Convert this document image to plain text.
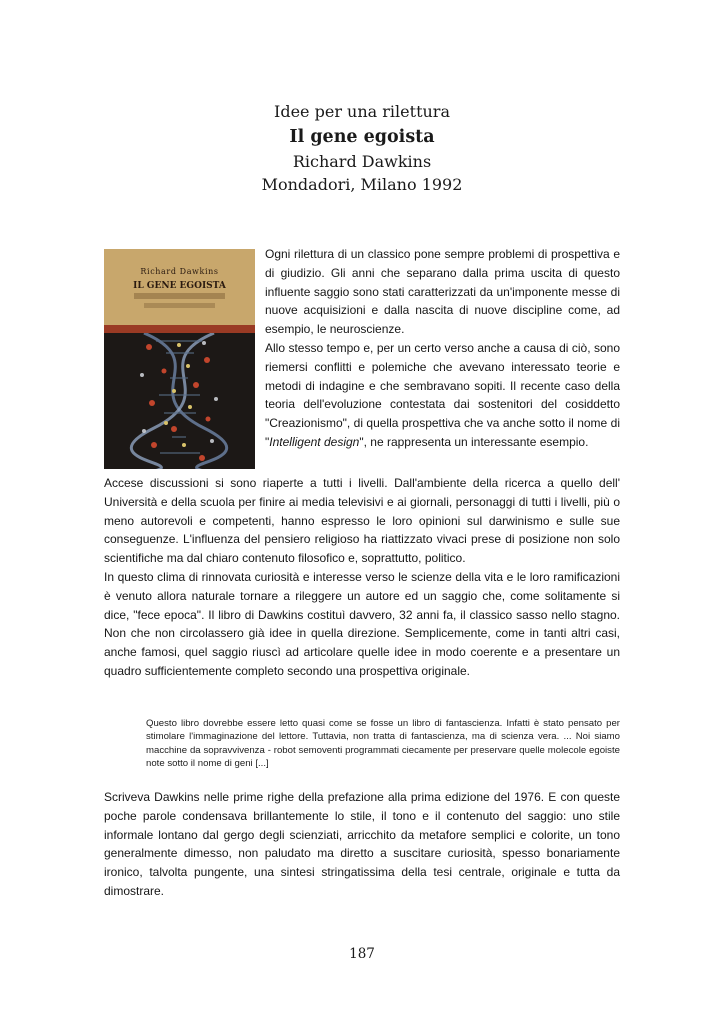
Idee per una rilettura
Il gene egoista
Richard Dawkins
Mondadori, Milano 1992
Richard Dawkins
IL GENE EGOISTA

Ogni rilettura di un classico pone sempre problemi di prospettiva e di giudizio. Gli anni che separano dalla prima uscita di questo influente saggio sono stati caratterizzati da un'imponente messe di nuove acquisizioni e dalla nascita di nuove discipline come, ad esempio, le neuroscienze.

Allo stesso tempo e, per un certo verso anche a causa di ciò, sono riemersi conflitti e polemiche che avevano interessato teorie e metodi di indagine e che sembravano sopiti. Il recente caso della teoria dell'evoluzione contestata dai sostenitori del cosiddetto "Creazionismo", di quella prospettiva che va anche sotto il nome di "Intelligent design", ne rappresenta un interessante esempio.

Accese discussioni si sono riaperte a tutti i livelli. Dall'ambiente della ricerca a quello dell' Università e della scuola per finire ai media televisivi e ai giornali, personaggi di tutti i livelli, più o meno autorevoli e competenti, hanno espresso le loro opinioni sul darwinismo e sulle sue conseguenze. L'influenza del pensiero religioso ha riattizzato vivaci prese di posizione non solo scientifiche ma dal chiaro contenuto filosofico e, soprattutto, politico.

In questo clima di rinnovata curiosità e interesse verso le scienze della vita e le loro ramificazioni è venuto allora naturale tornare a rileggere un autore ed un saggio che, come solitamente si dice, "fece epoca". Il libro di Dawkins costituì davvero, 32 anni fa, il classico sasso nello stagno. Non che non circolassero già idee in quella direzione. Semplicemente, come in tanti altri casi, anche famosi, quel saggio riuscì ad articolare quelle idee in modo coerente e a presentare un quadro sufficientemente completo secondo una prospettiva originale.

Questo libro dovrebbe essere letto quasi come se fosse un libro di fantascienza. Infatti è stato pensato per stimolare l'immaginazione del lettore. Tuttavia, non tratta di fantascienza, ma di scienza vera. ... Noi siamo macchine da sopravvivenza - robot semoventi programmati ciecamente per preservare quelle molecole egoiste note sotto il nome di geni [...]

Scriveva Dawkins nelle prime righe della prefazione alla prima edizione del 1976. E con queste poche parole condensava brillantemente lo stile, il tono e il contenuto del saggio: uno stile informale lontano dal gergo degli scienziati, arricchito da metafore semplici e colorite, un tono generalmente dimesso, non paludato ma diretto a suscitare curiosità, spesso bonariamente ironico, talvolta pungente, una sintesi stringatissima della tesi centrale, originale e tutta da dimostrare.

187
